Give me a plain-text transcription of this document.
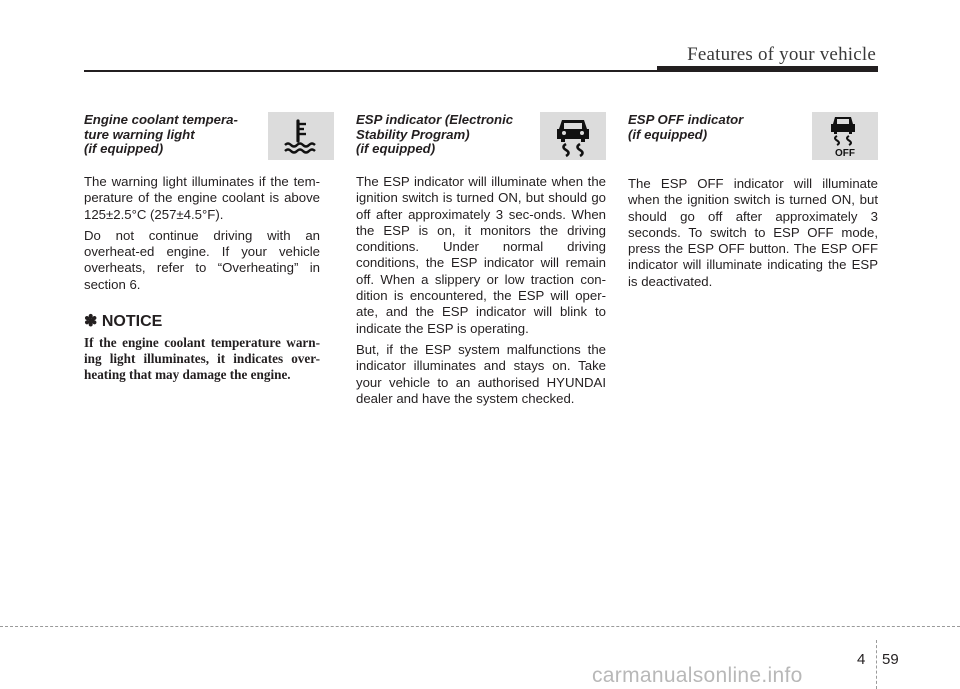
Features of your vehicle
Engine coolant tempera-
ture warning light
(if equipped)

The warning light illuminates if the tem-perature of the engine coolant is above 125±2.5°C (257±4.5°F).

Do not continue driving with an overheat-ed engine. If your vehicle overheats, refer to “Overheating” in section 6.

✽ NOTICE
If the engine coolant temperature warn-ing light illuminates, it indicates over-heating that may damage the engine.
ESP indicator (Electronic
Stability Program)
(if equipped)

The ESP indicator will illuminate when the ignition switch is turned ON, but should go off after approximately 3 sec-onds. When the ESP is on, it monitors the driving conditions. Under normal driving conditions, the ESP indicator will remain off. When a slippery or low traction con-dition is encountered, the ESP will oper-ate, and the ESP indicator will blink to indicate the ESP is operating.

But, if the ESP system malfunctions the indicator illuminates and stays on. Take your vehicle to an authorised HYUNDAI dealer and have the system checked.

ESP OFF indicator
(if equipped)
OFF

The ESP OFF indicator will illuminate when the ignition switch is turned ON, but should go off after approximately 3 seconds. To switch to ESP OFF mode, press the ESP OFF button. The ESP OFF indicator will illuminate indicating the ESP is deactivated.

4 59
carmanualsonline.info
